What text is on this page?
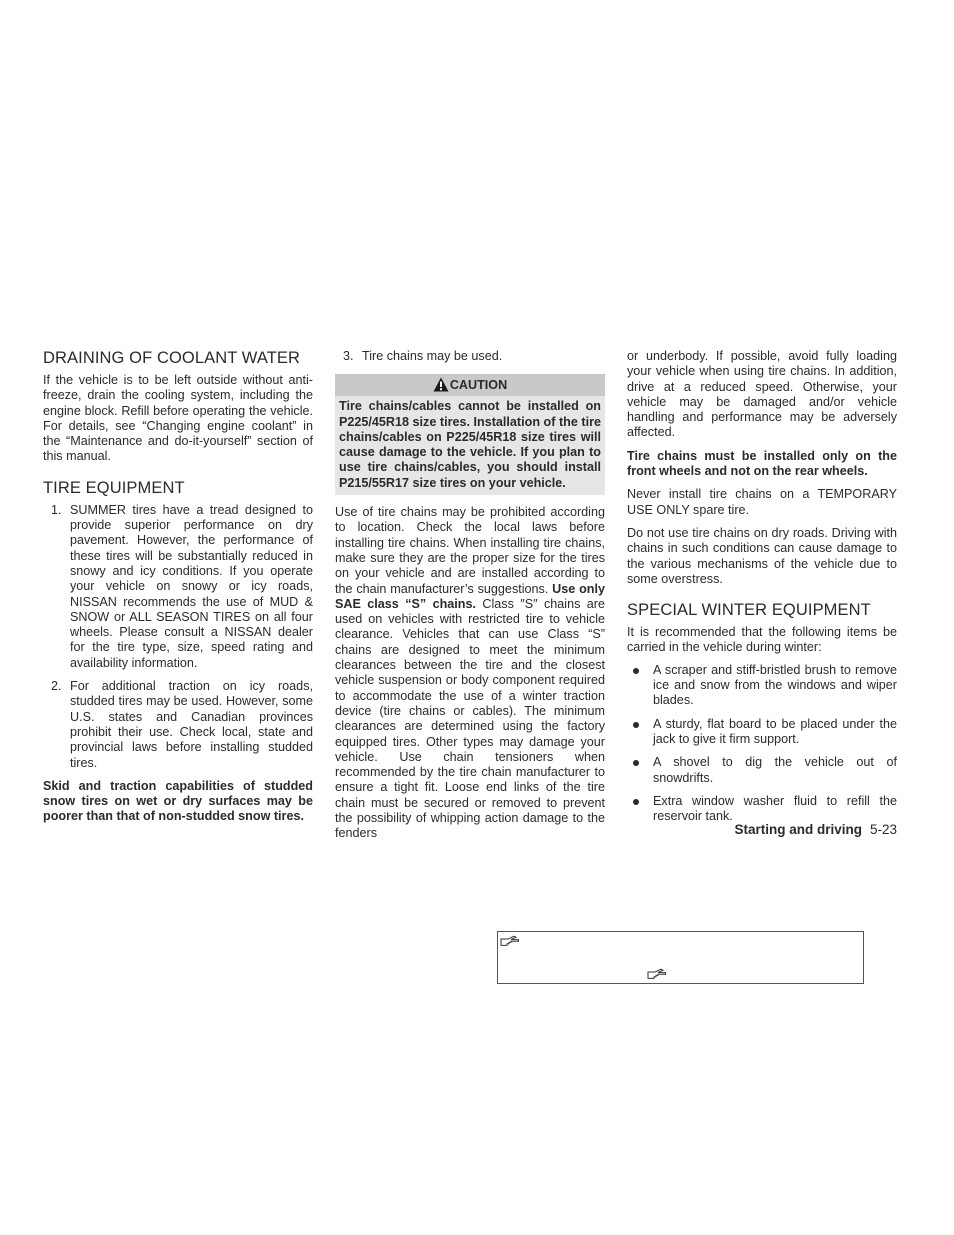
DRAINING OF COOLANT WATER

If the vehicle is to be left outside without anti-freeze, drain the cooling system, including the engine block. Refill before operating the vehicle. For details, see “Changing engine coolant” in the “Maintenance and do-it-yourself” section of this manual.

TIRE EQUIPMENT
1. SUMMER tires have a tread designed to provide superior performance on dry pavement. However, the performance of these tires will be substantially reduced in snowy and icy conditions. If you operate your vehicle on snowy or icy roads, NISSAN recommends the use of MUD & SNOW or ALL SEASON TIRES on all four wheels. Please consult a NISSAN dealer for the tire type, size, speed rating and availability information.
2. For additional traction on icy roads, studded tires may be used. However, some U.S. states and Canadian provinces prohibit their use. Check local, state and provincial laws before installing studded tires.

Skid and traction capabilities of studded snow tires on wet or dry surfaces may be poorer than that of non-studded snow tires.

3. Tire chains may be used.
CAUTION
Tire chains/cables cannot be installed on P225/45R18 size tires. Installation of the tire chains/cables on P225/45R18 size tires will cause damage to the vehicle. If you plan to use tire chains/cables, you should install P215/55R17 size tires on your vehicle.

Use of tire chains may be prohibited according to location. Check the local laws before installing tire chains. When installing tire chains, make sure they are the proper size for the tires on your vehicle and are installed according to the chain manufacturer’s suggestions. Use only SAE class “S” chains. Class ″S″ chains are used on vehicles with restricted tire to vehicle clearance. Vehicles that can use Class “S” chains are designed to meet the minimum clearances between the tire and the closest vehicle suspension or body component required to accommodate the use of a winter traction device (tire chains or cables). The minimum clearances are determined using the factory equipped tires. Other types may damage your vehicle. Use chain tensioners when recommended by the tire chain manufacturer to ensure a tight fit. Loose end links of the tire chain must be secured or removed to prevent the possibility of whipping action damage to the fenders

or underbody. If possible, avoid fully loading your vehicle when using tire chains. In addition, drive at a reduced speed. Otherwise, your vehicle may be damaged and/or vehicle handling and performance may be adversely affected.

Tire chains must be installed only on the front wheels and not on the rear wheels.

Never install tire chains on a TEMPORARY USE ONLY spare tire.

Do not use tire chains on dry roads. Driving with chains in such conditions can cause damage to the various mechanisms of the vehicle due to some overstress.

SPECIAL WINTER EQUIPMENT

It is recommended that the following items be carried in the vehicle during winter:

A scraper and stiff-bristled brush to remove ice and snow from the windows and wiper blades.
A sturdy, flat board to be placed under the jack to give it firm support.
A shovel to dig the vehicle out of snowdrifts.
Extra window washer fluid to refill the reservoir tank.
Starting and driving 5-23
